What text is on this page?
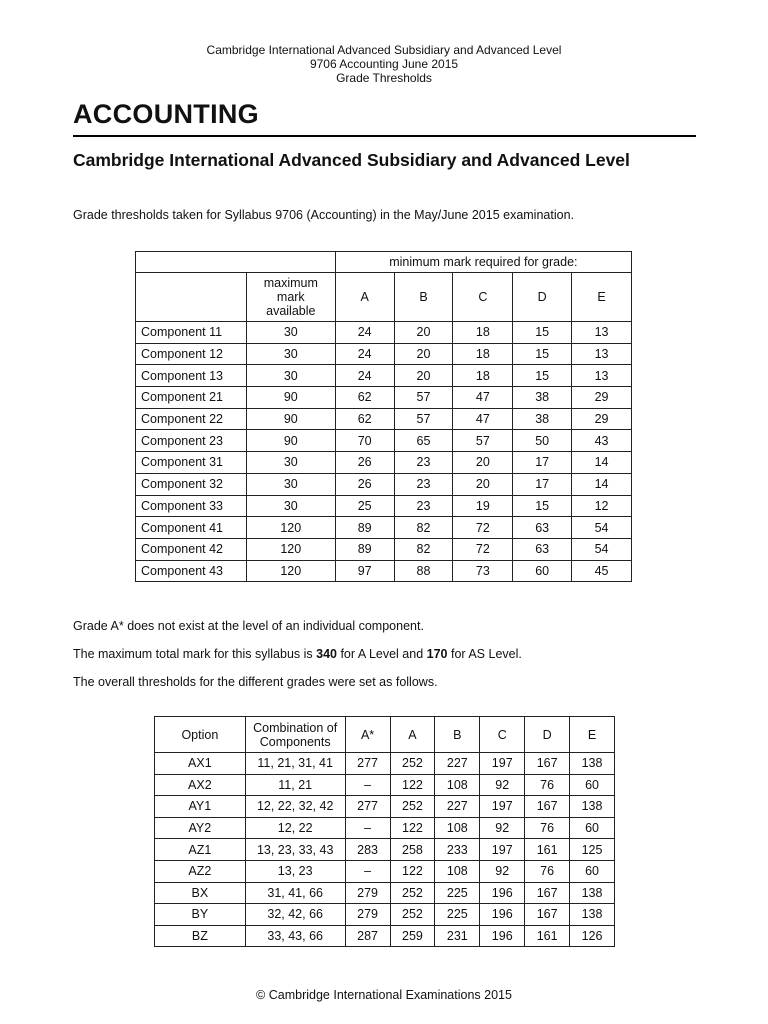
Cambridge International Advanced Subsidiary and Advanced Level
9706 Accounting June 2015
Grade Thresholds
ACCOUNTING
Cambridge International Advanced Subsidiary and Advanced Level
Grade thresholds taken for Syllabus 9706 (Accounting) in the May/June 2015 examination.
		minimum mark required for grade:				

	maximum
mark
available	A	B	C	D	E
Component 11	30	24	20	18	15	13
Component 12	30	24	20	18	15	13
Component 13	30	24	20	18	15	13
Component 21	90	62	57	47	38	29
Component 22	90	62	57	47	38	29
Component 23	90	70	65	57	50	43
Component 31	30	26	23	20	17	14
Component 32	30	26	23	20	17	14
Component 33	30	25	23	19	15	12
Component 41	120	89	82	72	63	54
Component 42	120	89	82	72	63	54
Component 43	120	97	88	73	60	45
Grade A* does not exist at the level of an individual component.
The maximum total mark for this syllabus is 340 for A Level and 170 for AS Level.
The overall thresholds for the different grades were set as follows.
Option	Combination of
Components	A*	A	B	C	D	E
AX1	11, 21, 31, 41	277	252	227	197	167	138
AX2	11, 21	–	122	108	92	76	60
AY1	12, 22, 32, 42	277	252	227	197	167	138
AY2	12, 22	–	122	108	92	76	60
AZ1	13, 23, 33, 43	283	258	233	197	161	125
AZ2	13, 23	–	122	108	92	76	60
BX	31, 41, 66	279	252	225	196	167	138
BY	32, 42, 66	279	252	225	196	167	138
BZ	33, 43, 66	287	259	231	196	161	126
© Cambridge International Examinations 2015
